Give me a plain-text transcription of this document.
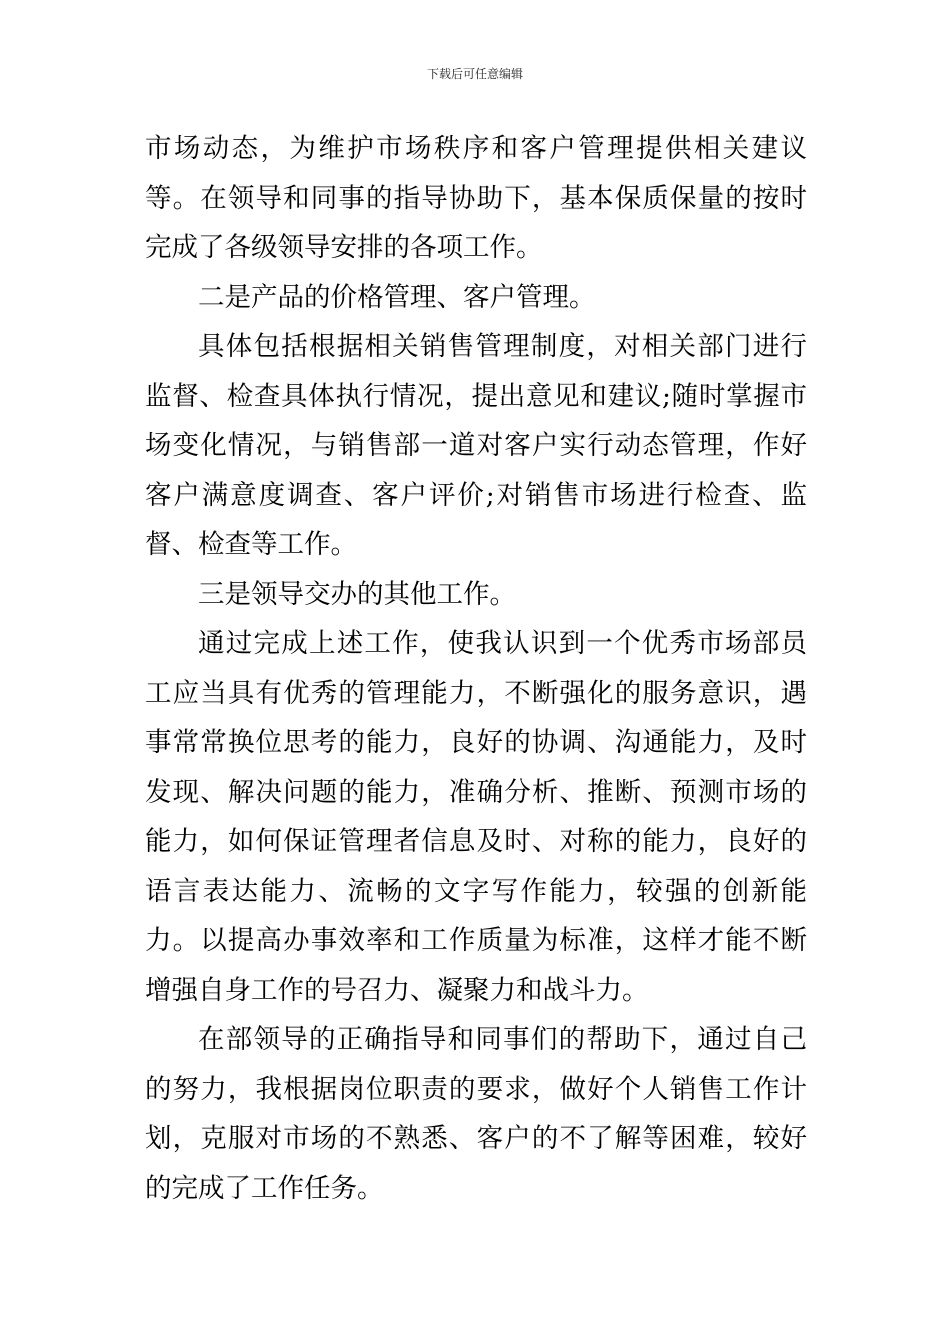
下载后可任意编辑

市场动态，为维护市场秩序和客户管理提供相关建议等。在领导和同事的指导协助下，基本保质保量的按时完成了各级领导安排的各项工作。

二是产品的价格管理、客户管理。

具体包括根据相关销售管理制度，对相关部门进行监督、检查具体执行情况，提出意见和建议;随时掌握市场变化情况，与销售部一道对客户实行动态管理，作好客户满意度调查、客户评价;对销售市场进行检查、监督、检查等工作。

三是领导交办的其他工作。

通过完成上述工作，使我认识到一个优秀市场部员工应当具有优秀的管理能力，不断强化的服务意识，遇事常常换位思考的能力，良好的协调、沟通能力，及时发现、解决问题的能力，准确分析、推断、预测市场的能力，如何保证管理者信息及时、对称的能力，良好的语言表达能力、流畅的文字写作能力，较强的创新能力。以提高办事效率和工作质量为标准，这样才能不断增强自身工作的号召力、凝聚力和战斗力。

在部领导的正确指导和同事们的帮助下，通过自己的努力，我根据岗位职责的要求，做好个人销售工作计划，克服对市场的不熟悉、客户的不了解等困难，较好的完成了工作任务。
